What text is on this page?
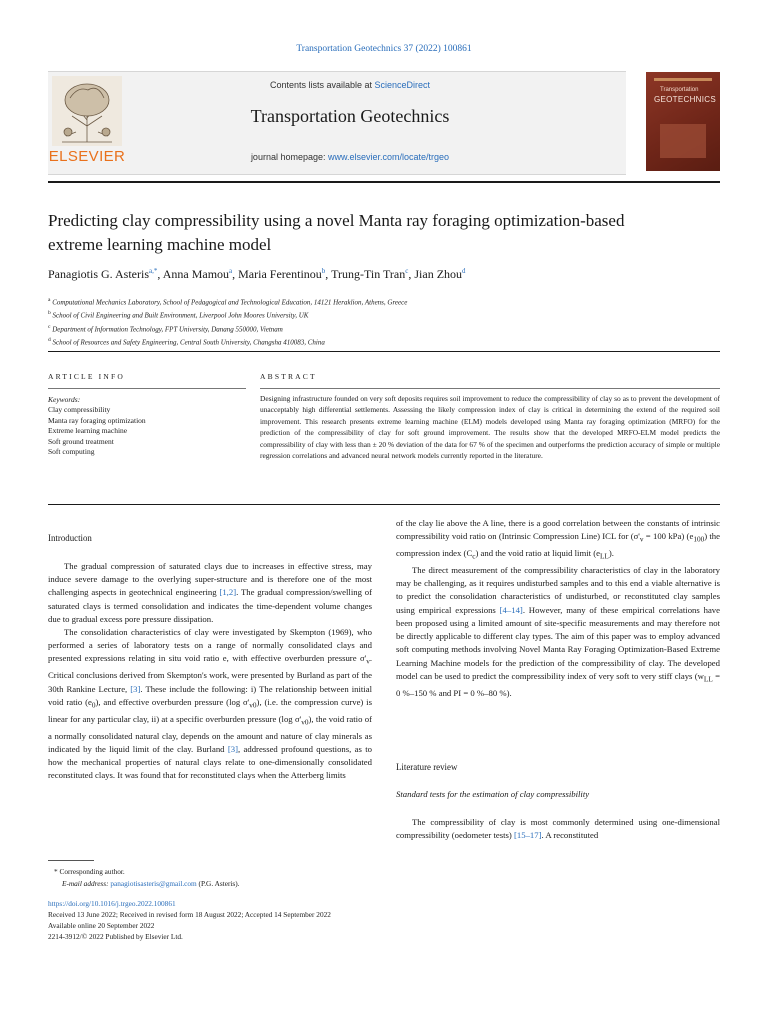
Transportation Geotechnics 37 (2022) 100861
ELSEVIER
Contents lists available at ScienceDirect
Transportation Geotechnics
journal homepage: www.elsevier.com/locate/trgeo
Transportation
GEOTECHNICS
Predicting clay compressibility using a novel Manta ray foraging optimization-based extreme learning machine model
Panagiotis G. Asteris$^{a,*}$, Anna Mamou$^a$, Maria Ferentinou$^b$, Trung-Tin Tran$^c$, Jian Zhou$^d$
$^a$ Computational Mechanics Laboratory, School of Pedagogical and Technological Education, 14121 Heraklion, Athens, Greece
$^b$ School of Civil Engineering and Built Environment, Liverpool John Moores University, UK
$^c$ Department of Information Technology, FPT University, Danang 550000, Vietnam
$^d$ School of Resources and Safety Engineering, Central South University, Changsha 410083, China
ARTICLE INFO	ABSTRACT
Keywords:
Clay compressibility
Manta ray foraging optimization
Extreme learning machine
Soft ground treatment
Soft computing
Designing infrastructure founded on very soft deposits requires soil improvement to reduce the compressibility of clay so as to prevent the development of unacceptably high differential settlements. Assessing the likely compression index of clay is critical in determining the extend of the required soil improvement. This research presents extreme learning machine (ELM) models developed using Manta ray foraging optimization (MRFO) for the prediction of the compressibility of clay for soft ground improvement. The results show that the developed MRFO-ELM model predicts the compressibility of clay with less than ± 20 % deviation of the data for 67 % of the specimen and outperforms the prediction accuracy of simple or multiple regression correlations and advanced neural network models currently reported in the literature.
Introduction

The gradual compression of saturated clays due to increases in effective stress, may induce severe damage to the overlying super-structure and is therefore one of the most challenging aspects in geotechnical engineering [1,2]. The gradual compression/swelling of saturated clays is termed consolidation and indicates the time-dependent volume changes due to gradual excess pore pressure dissipation.

The consolidation characteristics of clay were investigated by Skempton (1969), who performed a series of laboratory tests on a range of normally consolidated clays and presented expressions relating in situ void ratio e, with effective overburden pressure $\sigma'_v$. Critical conclusions derived from Skempton's work, were presented by Burland as part of the 30th Rankine Lecture, [3]. These include the following: i) The relationship between initial void ratio $(e_0)$, and effective overburden pressure (log $\sigma'_{v0}$), (i.e. the compression curve) is linear for any particular clay, ii) at a specific overburden pressure (log $\sigma'_{v0}$), the void ratio of a normally consolidated natural clay, depends on the amount and nature of clay minerals as indicated by the liquid limit of the clay. Burland [3], addressed profound questions, as to how the mechanical properties of natural clays relate to one-dimensionally consolidated reconstituted clays. It was found that for reconstituted clays when the Atterberg limits

of the clay lie above the A line, there is a good correlation between the constants of intrinsic compressibility void ratio on (Intrinsic Compression Line) ICL for ($\sigma'_v = 100$ kPa) $(e_{100})$ the compression index $(C_c)$ and the void ratio at liquid limit $(e_{LL})$.

The direct measurement of the compressibility characteristics of clay in the laboratory may be challenging, as it requires undisturbed samples and to this end a viable alternative is to predict the consolidation characteristics of undisturbed, or reconstituted clay samples using empirical expressions [4–14]. However, many of these empirical correlations have been proposed using a limited amount of site-specific measurements and may therefore not be directly applicable to different clay types. The aim of this paper was to employ advanced soft computing methods involving Novel Manta Ray Foraging Optimization-Based Extreme Learning Machine models for the prediction of the compressibility of clay. The developed model can be used to predict the compressibility index of very soft to very stiff clays ($w_{LL} = 0$ %–150 % and PI = 0 %–80 %).

Literature review
Standard tests for the estimation of clay compressibility

The compressibility of clay is most commonly determined using one-dimensional compressibility (oedometer tests) [15–17]. A reconstituted

* Corresponding author.
E-mail address: panagiotisasteris@gmail.com (P.G. Asteris).
https://doi.org/10.1016/j.trgeo.2022.100861
Received 13 June 2022; Received in revised form 18 August 2022; Accepted 14 September 2022
Available online 20 September 2022
2214-3912/© 2022 Published by Elsevier Ltd.
